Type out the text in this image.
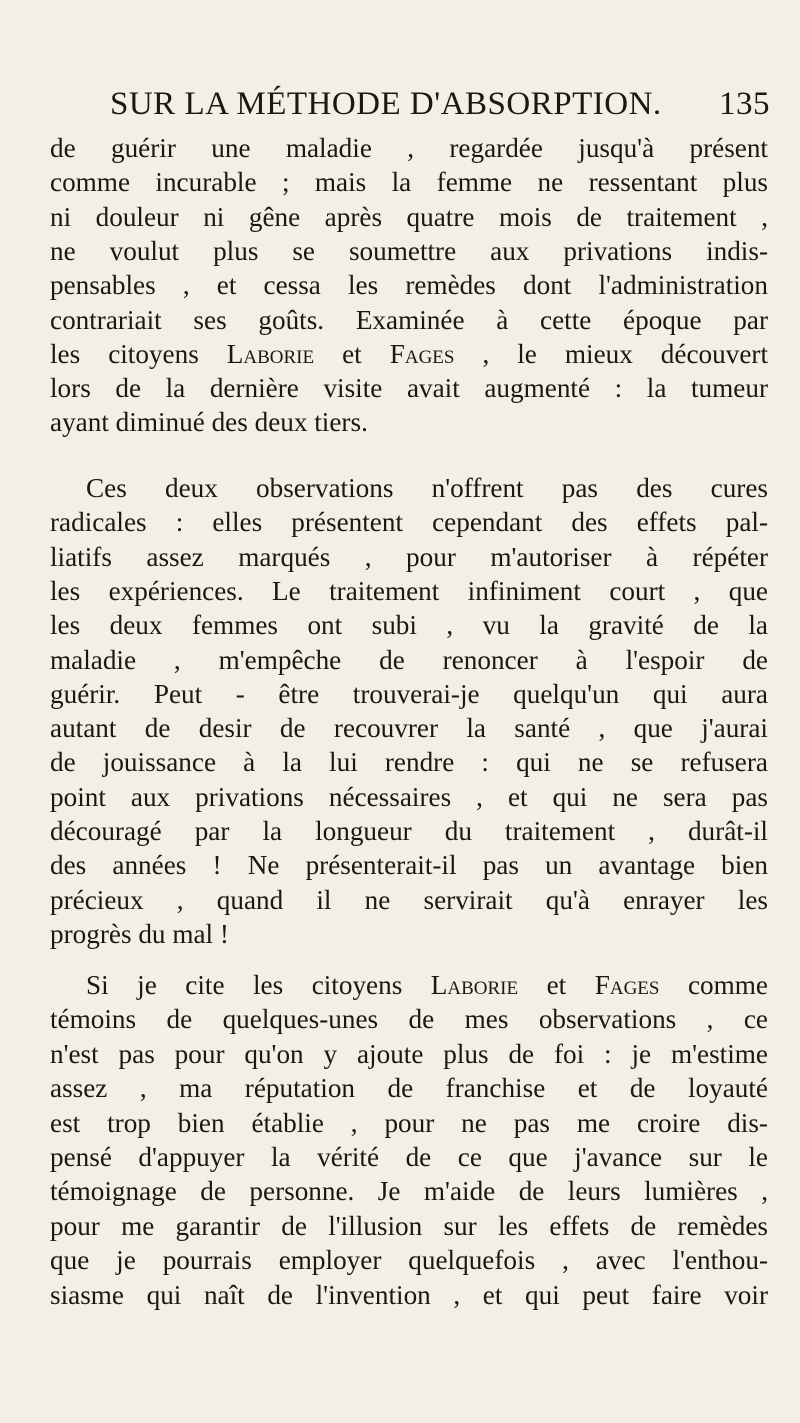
SUR LA MÉTHODE D'ABSORPTION. 135
de guérir une maladie , regardée jusqu'à présent
comme incurable ; mais la femme ne ressentant plus
ni douleur ni gêne après quatre mois de traitement ,
ne voulut plus se soumettre aux privations indis-
pensables , et cessa les remèdes dont l'administration
contrariait ses goûts. Examinée à cette époque par
les citoyens Laborie et Fages , le mieux découvert
lors de la dernière visite avait augmenté : la tumeur
ayant diminué des deux tiers.
Ces deux observations n'offrent pas des cures
radicales : elles présentent cependant des effets pal-
liatifs assez marqués , pour m'autoriser à répéter
les expériences. Le traitement infiniment court , que
les deux femmes ont subi , vu la gravité de la
maladie , m'empêche de renoncer à l'espoir de
guérir. Peut - être trouverai-je quelqu'un qui aura
autant de desir de recouvrer la santé , que j'aurai
de jouissance à la lui rendre : qui ne se refusera
point aux privations nécessaires , et qui ne sera pas
découragé par la longueur du traitement , durât-il
des années ! Ne présenterait-il pas un avantage bien
précieux , quand il ne servirait qu'à enrayer les
progrès du mal !
Si je cite les citoyens Laborie et Fages comme
témoins de quelques-unes de mes observations , ce
n'est pas pour qu'on y ajoute plus de foi : je m'estime
assez , ma réputation de franchise et de loyauté
est trop bien établie , pour ne pas me croire dis-
pensé d'appuyer la vérité de ce que j'avance sur le
témoignage de personne. Je m'aide de leurs lumières ,
pour me garantir de l'illusion sur les effets de remèdes
que je pourrais employer quelquefois , avec l'enthou-
siasme qui naît de l'invention , et qui peut faire voir
